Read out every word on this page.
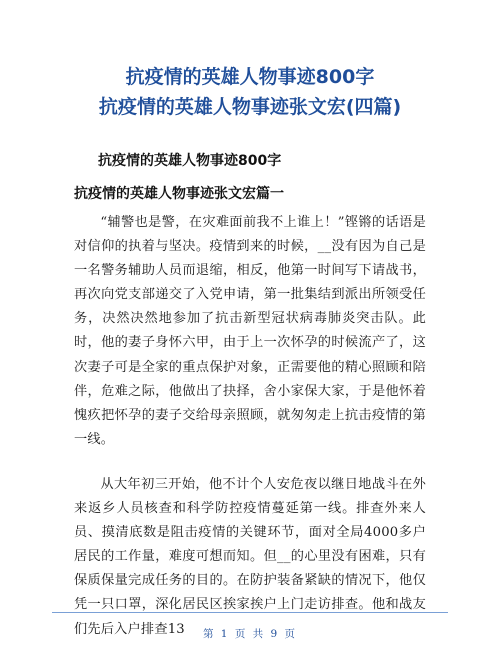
抗疫情的英雄人物事迹800字
抗疫情的英雄人物事迹张文宏(四篇)
抗疫情的英雄人物事迹800字
抗疫情的英雄人物事迹张文宏篇一
“辅警也是警，在灾难面前我不上谁上！”铿锵的话语是对信仰的执着与坚决。疫情到来的时候，__没有因为自己是一名警务辅助人员而退缩，相反，他第一时间写下请战书，再次向党支部递交了入党申请，第一批集结到派出所领受任务，决然决然地参加了抗击新型冠状病毒肺炎突击队。此时，他的妻子身怀六甲，由于上一次怀孕的时候流产了，这次妻子可是全家的重点保护对象，正需要他的精心照顾和陪伴，危难之际，他做出了抉择，舍小家保大家，于是他怀着愧疚把怀孕的妻子交给母亲照顾，就匆匆走上抗击疫情的第一线。
从大年初三开始，他不计个人安危夜以继日地战斗在外来返乡人员核查和科学防控疫情蔓延第一线。排查外来人员、摸清底数是阻击疫情的关键环节，面对全局4000多户居民的工作量，难度可想而知。但__的心里没有困难，只有保质保量完成任务的目的。在防护装备紧缺的情况下，他仅凭一只口罩，深化居民区挨家挨户上门走访排查。他和战友们先后入户排查13	第 1 页 共 9 页
